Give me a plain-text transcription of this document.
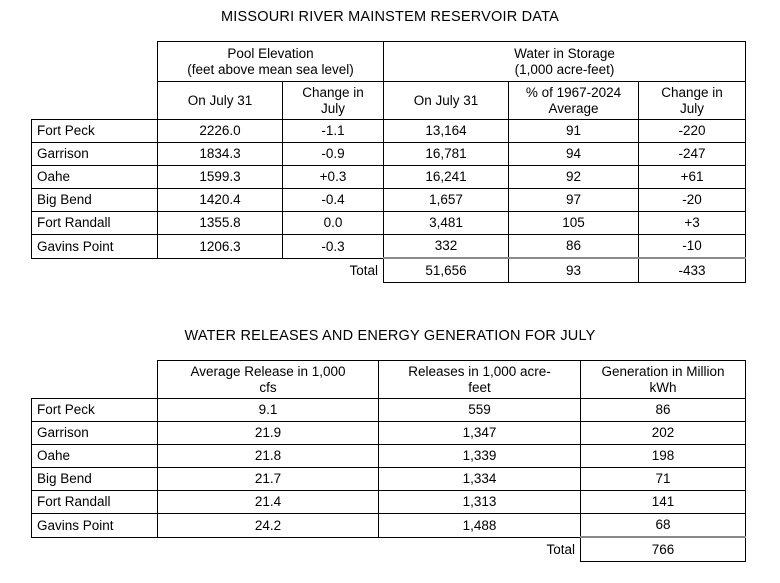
MISSOURI RIVER MAINSTEM RESERVOIR DATA

Pool Elevation
(feet above mean sea level)

Water in Storage
(1,000 acre-feet)

On July 31

Change in
July

On July 31

% of 1967-2024
Average

Change in
July

Fort Peck	2226.0	-1.1	13,164	91	-220
Garrison	1834.3	-0.9	16,781	94	-247
Oahe	1599.3	+0.3	16,241	92	+61
Big Bend	1420.4	-0.4	1,657	97	-20
Fort Randall	1355.8	0.0	3,481	105	+3
Gavins Point	1206.3	-0.3	332	86	-10
Total			51,656	93	-433
WATER RELEASES AND ENERGY GENERATION FOR JULY

Average Release in 1,000
cfs

Releases in 1,000 acre-
feet

Generation in Million
kWh

Fort Peck	9.1	559	86
Garrison	21.9	1,347	202
Oahe	21.8	1,339	198
Big Bend	21.7	1,334	71
Fort Randall	21.4	1,313	141
Gavins Point	24.2	1,488	68
Total			766
